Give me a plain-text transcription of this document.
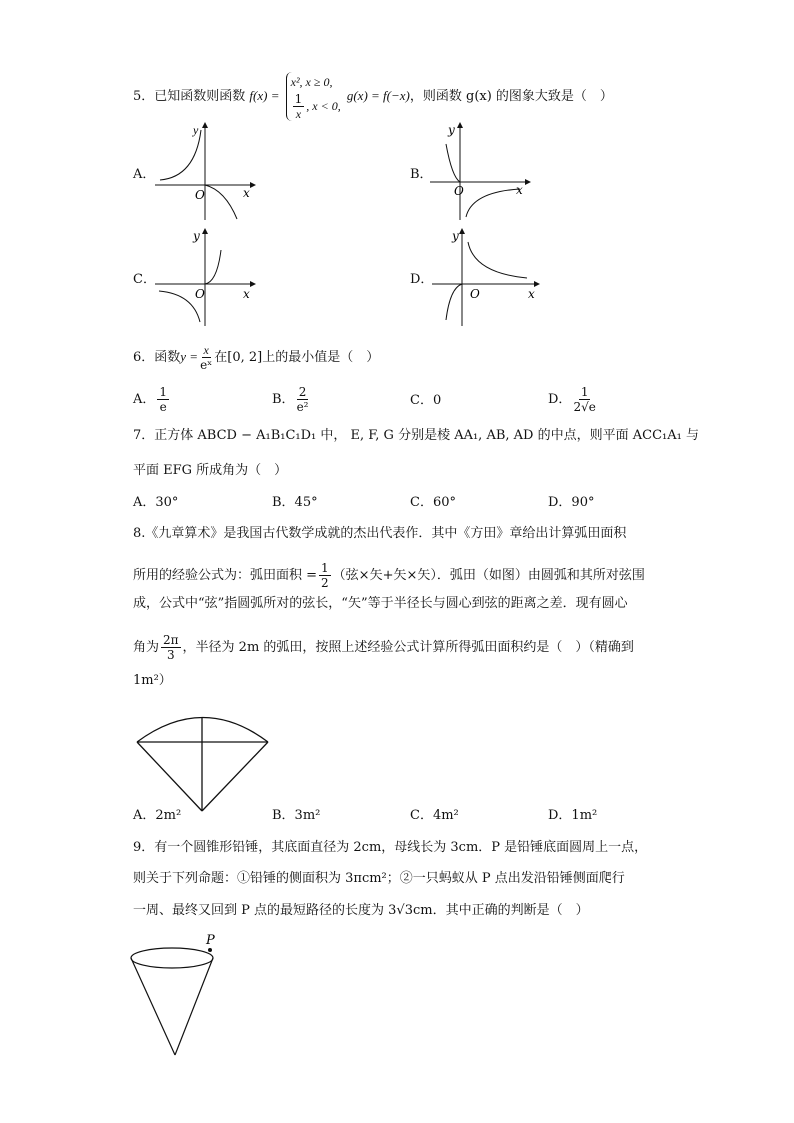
5．已知函数则函数 f(x) =
x², x ≥ 0,
$\frac{1}{x}$ , x < 0,
g(x) = f(−x)，则函数 g(x) 的图象大致是（　）
A．
y
x
O
B．
y
x
O
C．
y
x
O
D．
y
x
O
6．函数$y = \frac{x}{\text{eˣ}}$ 在[0, 2]上的最小值是（　）
A． $\frac{1}{e}$	B． $\frac{2}{\text{e²}}$	C．0	D． $\frac{1}{2√e}$
7．正方体 ABCD − A₁B₁C₁D₁ 中， E, F, G 分别是棱 AA₁, AB, AD 的中点，则平面 ACC₁A₁ 与
平面 EFG 所成角为（　）
A．30°	B．45°	C．60°	D．90°
8.《九章算术》是我国古代数学成就的杰出代表作．其中《方田》章给出计算弧田面积
所用的经验公式为：弧田面积 = $\frac{1}{2}$ （弦×矢+矢×矢）．弧田（如图）由圆弧和其所对弦围
成，公式中“弦”指圆弧所对的弦长，“矢”等于半径长与圆心到弦的距离之差．现有圆心
角为 $\frac{2\pi}{3}$ ，半径为 2m 的弧田，按照上述经验公式计算所得弧田面积约是（　）（精确到
1m²）
A．2m²	B．3m²	C．4m²	D．1m²
9．有一个圆锥形铅锤，其底面直径为 2cm，母线长为 3cm．P 是铅锤底面圆周上一点，
则关于下列命题：①铅锤的侧面积为 3πcm²；②一只蚂蚁从 P 点出发沿铅锤侧面爬行
一周、最终又回到 P 点的最短路径的长度为 3√3cm．其中正确的判断是（　）
P
